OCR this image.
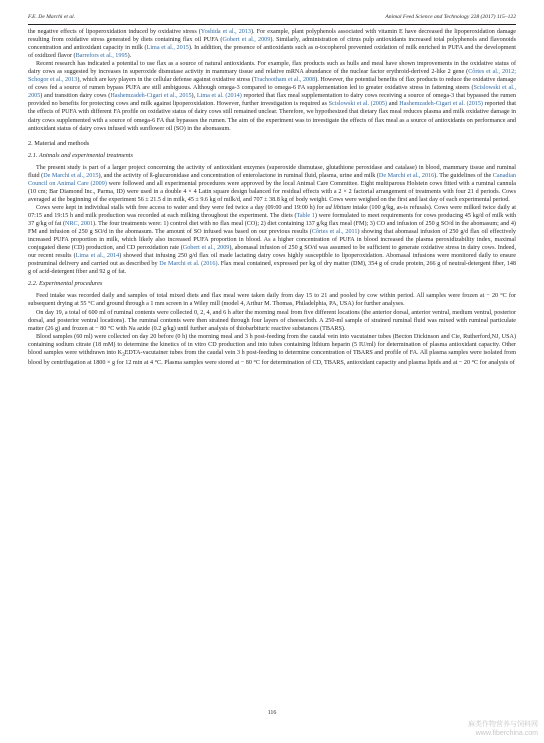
F.E. De Marchi et al.	Animal Feed Science and Technology 228 (2017) 115–122

the negative effects of lipoperoxidation induced by oxidative stress (Yoshida et al., 2013). For example, plant polyphenols associated with vitamin E have decreased the lipoperoxidation damage resulting from oxidative stress generated by diets containing flax oil PUFA (Gobert et al., 2009). Similarly, administration of citrus pulp antioxidants increased total polyphenols and flavonoids concentration and antioxidant capacity in milk (Lima et al., 2015). In addition, the presence of antioxidants such as α-tocopherol prevented oxidation of milk enriched in PUFA and the development of oxidized flavor (Barrefors et al., 1995).

Recent research has indicated a potential to use flax as a source of natural antioxidants. For example, flax products such as hulls and meal have shown improvements in the oxidative status of dairy cows as suggested by increases in superoxide dismutase activity in mammary tissue and relative mRNA abundance of the nuclear factor erythroid-derived 2-like 2 gene (Côrtes et al., 2012; Schogor et al., 2013), which are key players in the cellular defense against oxidative stress (Trachootham et al., 2008). However, the potential benefits of flax products to reduce the oxidative damage of cows fed a source of rumen bypass PUFA are still ambiguous. Although omega-3 compared to omega-6 FA supplementation led to greater oxidative stress in fattening steers (Scislowski et al., 2005) and transition dairy cows (Hashemzadeh-Cigari et al., 2015), Lima et al. (2014) reported that flax meal supplementation to dairy cows receiving a source of omega-3 that bypassed the rumen provided no benefits for protecting cows and milk against lipoperoxidation. However, further investigation is required as Scislowski et al. (2005) and Hashemzadeh-Cigari et al. (2015) reported that the effects of PUFA with different FA profile on oxidative status of dairy cows still remained unclear. Therefore, we hypothesized that dietary flax meal reduces plasma and milk oxidative damage in dairy cows supplemented with a source of omega-6 FA that bypasses the rumen. The aim of the experiment was to investigate the effects of flax meal as a source of antioxidants on performance and antioxidant status of dairy cows infused with sunflower oil (SO) in the abomasum.

2. Material and methods

2.1. Animals and experimental treatments

The present study is part of a larger project concerning the activity of antioxidant enzymes (superoxide dismutase, glutathione peroxidase and catalase) in blood, mammary tissue and ruminal fluid (De Marchi et al., 2015), and the activity of ß-glucuronidase and concentration of enterolactone in ruminal fluid, plasma, urine and milk (De Marchi et al., 2016). The guidelines of the Canadian Council on Animal Care (2009) were followed and all experimental procedures were approved by the local Animal Care Committee. Eight multiparous Holstein cows fitted with a ruminal cannula (10 cm; Bar Diamond Inc., Parma, ID) were used in a double 4 × 4 Latin square design balanced for residual effects with a 2 × 2 factorial arrangement of treatments with four 21 d periods. Cows averaged at the beginning of the experiment 56 ± 21.5 d in milk, 45 ± 9.6 kg of milk/d, and 707 ± 38.8 kg of body weight. Cows were weighed on the first and last day of each experimental period.

Cows were kept in individual stalls with free access to water and they were fed twice a day (09:00 and 19:00 h) for ad libitum intake (100 g/kg, as-is refusals). Cows were milked twice daily at 07:15 and 19:15 h and milk production was recorded at each milking throughout the experiment. The diets (Table 1) were formulated to meet requirements for cows producing 45 kg/d of milk with 37 g/kg of fat (NRC, 2001). The four treatments were: 1) control diet with no flax meal (CO); 2) diet containing 137 g/kg flax meal (FM); 3) CO and infusion of 250 g SO/d in the abomasum; and 4) FM and infusion of 250 g SO/d in the abomasum. The amount of SO infused was based on our previous results (Côrtes et al., 2011) showing that abomasal infusion of 250 g/d flax oil effectively increased PUFA proportion in milk, which likely also increased PUFA proportion in blood. As a higher concentration of PUFA in blood increased the plasma peroxidizability index, maximal conjugated diene (CD) production, and CD peroxidation rate (Gobert et al., 2009), abomasal infusion of 250 g SO/d was assumed to be sufficient to generate oxidative stress in dairy cows. Indeed, our recent results (Lima et al., 2014) showed that infusing 250 g/d flax oil made lactating dairy cows highly susceptible to lipoperoxidation. Abomasal infusions were monitored daily to ensure postruminal delivery and carried out as described by De Marchi et al. (2016). Flax meal contained, expressed per kg of dry matter (DM), 354 g of crude protein, 266 g of neutral-detergent fiber, 148 g of acid-detergent fiber and 92 g of fat.

2.2. Experimental procedures

Feed intake was recorded daily and samples of total mixed diets and flax meal were taken daily from day 15 to 21 and pooled by cow within period. All samples were frozen at − 20 °C for subsequent drying at 55 °C and ground through a 1 mm screen in a Wiley mill (model 4, Arthur M. Thomas, Philadelphia, PA, USA) for further analyses.

On day 19, a total of 600 ml of ruminal contents were collected 0, 2, 4, and 6 h after the morning meal from five different locations (the anterior dorsal, anterior ventral, medium ventral, posterior dorsal, and posterior ventral locations). The ruminal contents were then strained through four layers of cheesecloth. A 250-ml sample of strained ruminal fluid was mixed with ruminal particulate matter (26 g) and frozen at − 80 °C with Na azide (0.2 g/kg) until further analysis of thiobarbituric reactive substances (TBARS).

Blood samples (60 ml) were collected on day 20 before (0 h) the morning meal and 3 h post-feeding from the caudal vein into vacutainer tubes (Becton Dickinson and Cie, Rutherford,NJ, USA) containing sodium citrate (18 mM) to determine the kinetics of in vitro CD production and into tubes containing lithium heparin (5 IU/ml) for determination of plasma antioxidant capacity. Other blood samples were withdrawn into $K_3EDTA$-vacutainer tubes from the caudal vein 3 h post-feeding to determine concentration of TBARS and profile of FA. All plasma samples were isolated from blood by centrifugation at 1800 × g for 12 min at 4 °C. Plasma samples were stored at − 80 °C for determination of CD, TBARS, antioxidant capacity and plasma lipids and at − 20 °C for analysis of

116
麻类作物营养与饲料网
www.fiberchina.com
